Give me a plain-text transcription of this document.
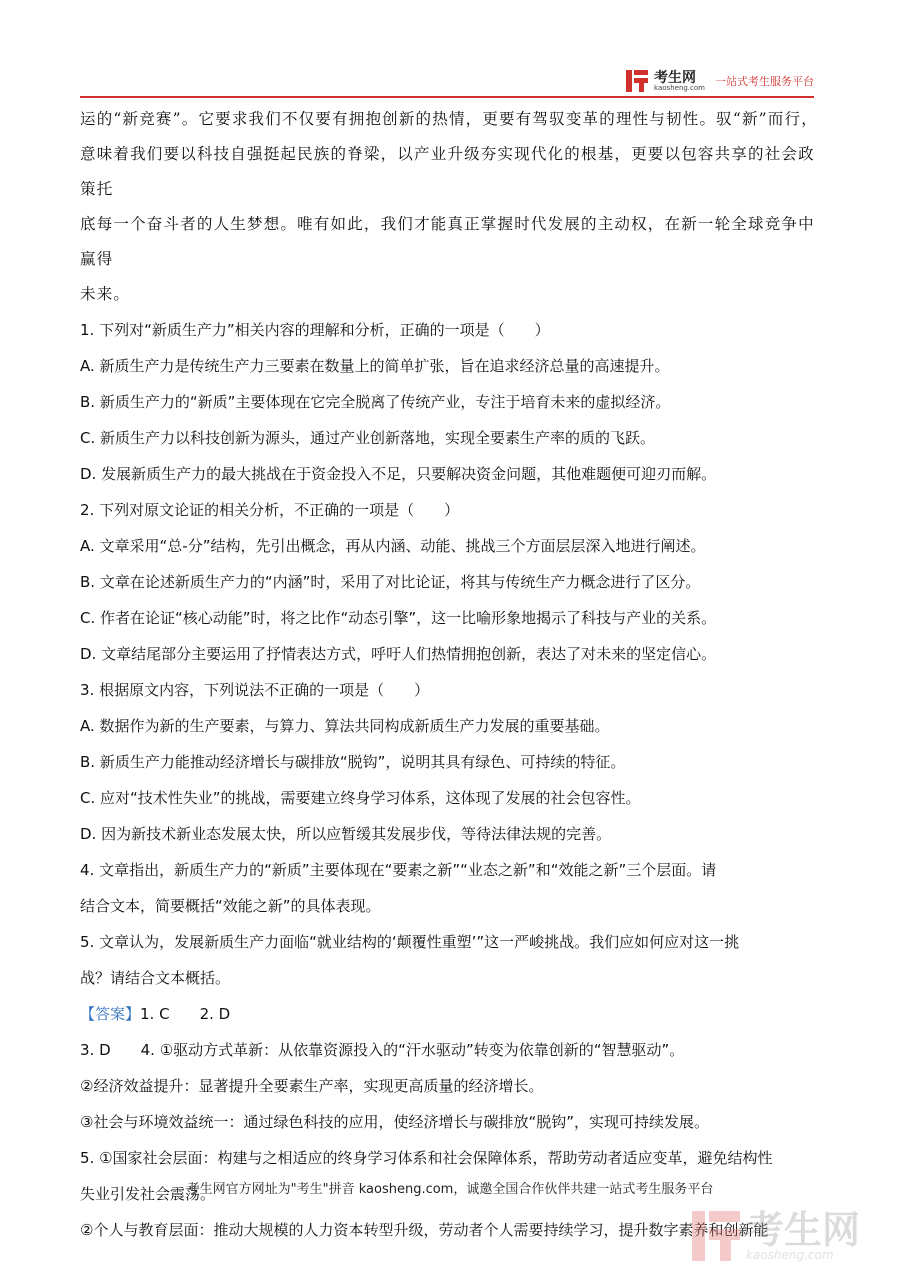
考生网
kaosheng.com 一站式考生服务平台

运的“新竞赛”。它要求我们不仅要有拥抱创新的热情，更要有驾驭变革的理性与韧性。驭“新”而行，
意味着我们要以科技自强挺起民族的脊梁，以产业升级夯实现代化的根基，更要以包容共享的社会政策托
底每一个奋斗者的人生梦想。唯有如此，我们才能真正掌握时代发展的主动权，在新一轮全球竞争中赢得
未来。

1. 下列对“新质生产力”相关内容的理解和分析，正确的一项是（　　）

A. 新质生产力是传统生产力三要素在数量上的简单扩张，旨在追求经济总量的高速提升。

B. 新质生产力的“新质”主要体现在它完全脱离了传统产业，专注于培育未来的虚拟经济。

C. 新质生产力以科技创新为源头，通过产业创新落地，实现全要素生产率的质的飞跃。

D. 发展新质生产力的最大挑战在于资金投入不足，只要解决资金问题，其他难题便可迎刃而解。

2. 下列对原文论证的相关分析，不正确的一项是（　　）

A. 文章采用“总-分”结构，先引出概念，再从内涵、动能、挑战三个方面层层深入地进行阐述。

B. 文章在论述新质生产力的“内涵”时，采用了对比论证，将其与传统生产力概念进行了区分。

C. 作者在论证“核心动能”时，将之比作“动态引擎”，这一比喻形象地揭示了科技与产业的关系。

D. 文章结尾部分主要运用了抒情表达方式，呼吁人们热情拥抱创新，表达了对未来的坚定信心。

3. 根据原文内容，下列说法不正确的一项是（　　）

A. 数据作为新的生产要素，与算力、算法共同构成新质生产力发展的重要基础。

B. 新质生产力能推动经济增长与碳排放“脱钩”，说明其具有绿色、可持续的特征。

C. 应对“技术性失业”的挑战，需要建立终身学习体系，这体现了发展的社会包容性。

D. 因为新技术新业态发展太快，所以应暂缓其发展步伐，等待法律法规的完善。

4. 文章指出，新质生产力的“新质”主要体现在“要素之新”“业态之新”和“效能之新”三个层面。请

结合文本，简要概括“效能之新”的具体表现。

5. 文章认为，发展新质生产力面临“就业结构的‘颠覆性重塑’”这一严峻挑战。我们应如何应对这一挑

战？请结合文本概括。

【答案】1. C 2. D

3. D 4. ①驱动方式革新：从依靠资源投入的“汗水驱动”转变为依靠创新的“智慧驱动”。

②经济效益提升：显著提升全要素生产率，实现更高质量的经济增长。

③社会与环境效益统一：通过绿色科技的应用，使经济增长与碳排放“脱钩”，实现可持续发展。

5. ①国家社会层面：构建与之相适应的终身学习体系和社会保障体系，帮助劳动者适应变革，避免结构性

失业引发社会震荡。

②个人与教育层面：推动大规模的人力资本转型升级，劳动者个人需要持续学习，提升数字素养和创新能

考生网官方网址为"考生"拼音 kaosheng.com，诚邀全国合作伙伴共建一站式考生服务平台
考生网
kaosheng.com
